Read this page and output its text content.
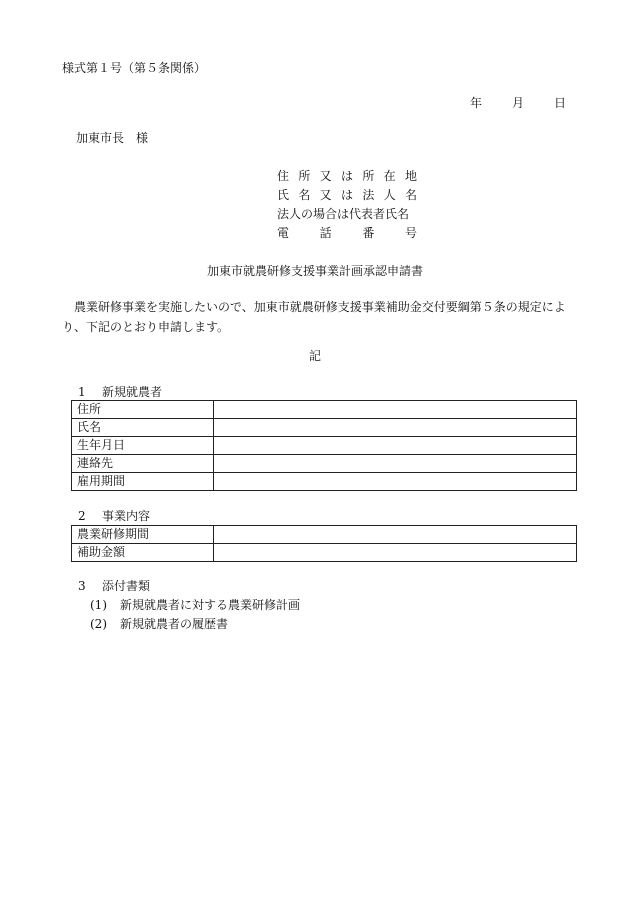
様式第１号（第５条関係）
年	月	日
加東市長　様
住 所 又 は 所 在 地
氏 名 又 は 法 人 名
法人の場合は代表者氏名
電	話	番	号
加東市就農研修支援事業計画承認申請書
農業研修事業を実施したいので、加東市就農研修支援事業補助金交付要綱第５条の規定により、下記のとおり申請します。
記
1 新規就農者
住所	
氏名	
生年月日	
連絡先	
雇用期間	
2 事業内容
農業研修期間	
補助金額	
3 添付書類
(1) 新規就農者に対する農業研修計画
(2) 新規就農者の履歴書
